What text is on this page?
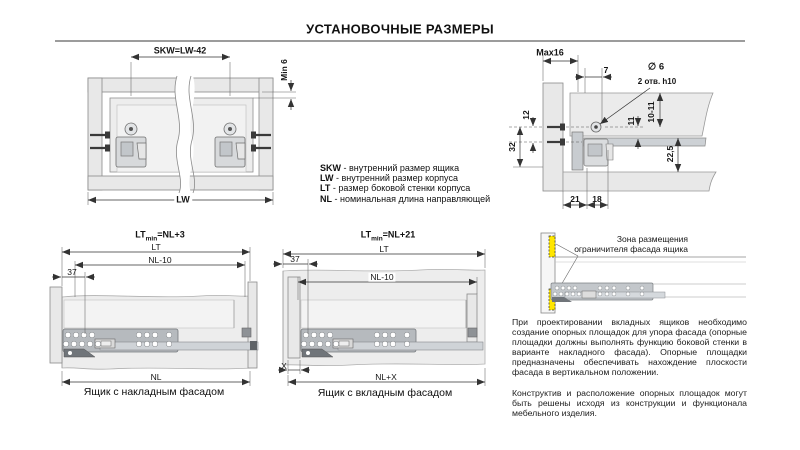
УСТАНОВОЧНЫЕ РАЗМЕРЫ
SKW=LW-42
Min 6
LW
Max16
7	∅ 6
2 отв. h10
12
32
11 10-11
22,5
21 18
SKW - внутренний размер ящика
LW - внутренний размер корпуса
LT - размер боковой стенки корпуса
NL - номинальная длина направляющей
$LT_{min}=NL+3$
LT
NL-10
37
NL
Ящик с накладным фасадом
$LT_{min}=NL+21$
LT
37
NL-10
X
NL+X
Ящик с вкладным фасадом
Зона размещения
ограничителя фасада ящика

При проектировании вкладных ящиков необходимо создание опорных площадок для упора фасада (опорные площадки должны выполнять функцию боковой стенки в варианте накладного фасада). Опорные площадки предназначены обеспечивать нахождение плоскости фасада в вертикальном положении.

Конструктив и расположение опорных площадок могут быть решены исходя из конструкции и функционала мебельного изделия.
